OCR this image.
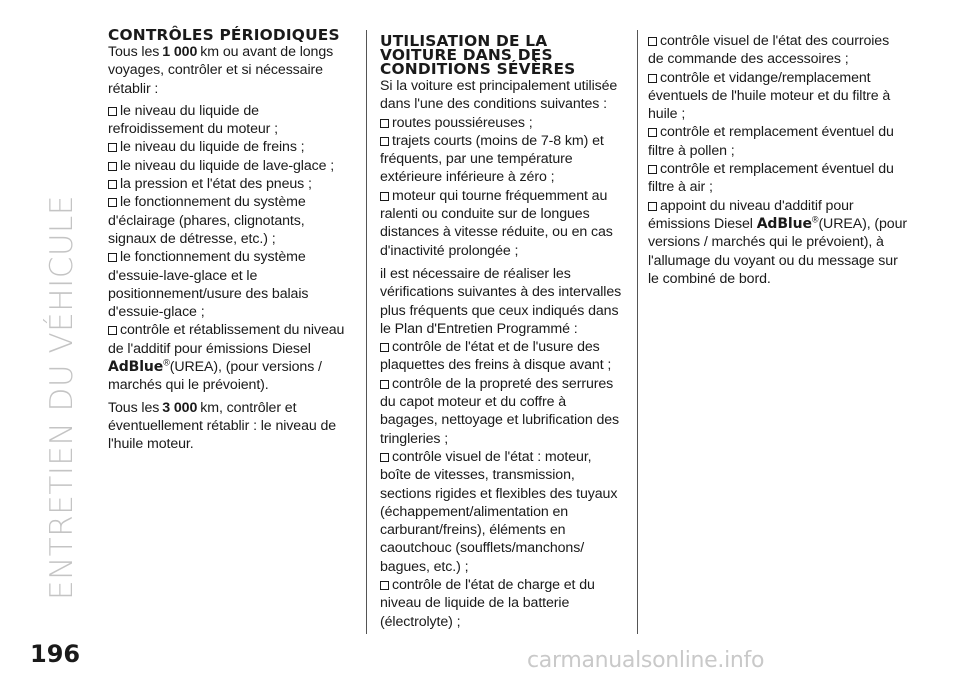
ENTRETIEN DU VÉHICULE
196
CONTRÔLES PÉRIODIQUES

Tous les 1 000 km ou avant de longs voyages, contrôler et si nécessaire rétablir :

le niveau du liquide de refroidissement du moteur ;
le niveau du liquide de freins ;
le niveau du liquide de lave-glace ;
la pression et l'état des pneus ;
le fonctionnement du système d'éclairage (phares, clignotants, signaux de détresse, etc.) ;
le fonctionnement du système d'essuie-lave-glace et le positionnement/usure des balais d'essuie-glace ;
contrôle et rétablissement du niveau de l'additif pour émissions Diesel
AdBlue®(UREA), (pour versions / marchés qui le prévoient).

Tous les 3 000 km, contrôler et éventuellement rétablir : le niveau de l'huile moteur.

UTILISATION DE LA VOITURE DANS DES CONDITIONS SÉVÈRES

Si la voiture est principalement utilisée dans l'une des conditions suivantes :

routes poussiéreuses ;
trajets courts (moins de 7-8 km) et fréquents, par une température extérieure inférieure à zéro ;
moteur qui tourne fréquemment au ralenti ou conduite sur de longues distances à vitesse réduite, ou en cas d'inactivité prolongée ;

il est nécessaire de réaliser les vérifications suivantes à des intervalles plus fréquents que ceux indiqués dans le Plan d'Entretien Programmé :

contrôle de l'état et de l'usure des plaquettes des freins à disque avant ;
contrôle de la propreté des serrures du capot moteur et du coffre à bagages, nettoyage et lubrification des tringleries ;
contrôle visuel de l'état : moteur, boîte de vitesses, transmission, sections rigides et flexibles des tuyaux (échappement/alimentation en carburant/freins), éléments en caoutchouc (soufflets/manchons/ bagues, etc.) ;
contrôle de l'état de charge et du niveau de liquide de la batterie (électrolyte) ;
contrôle visuel de l'état des courroies de commande des accessoires ;
contrôle et vidange/remplacement éventuels de l'huile moteur et du filtre à huile ;
contrôle et remplacement éventuel du filtre à pollen ;
contrôle et remplacement éventuel du filtre à air ;
appoint du niveau d'additif pour émissions Diesel AdBlue®(UREA), (pour versions / marchés qui le prévoient), à l'allumage du voyant ou du message sur le combiné de bord.
carmanualsonline.info
